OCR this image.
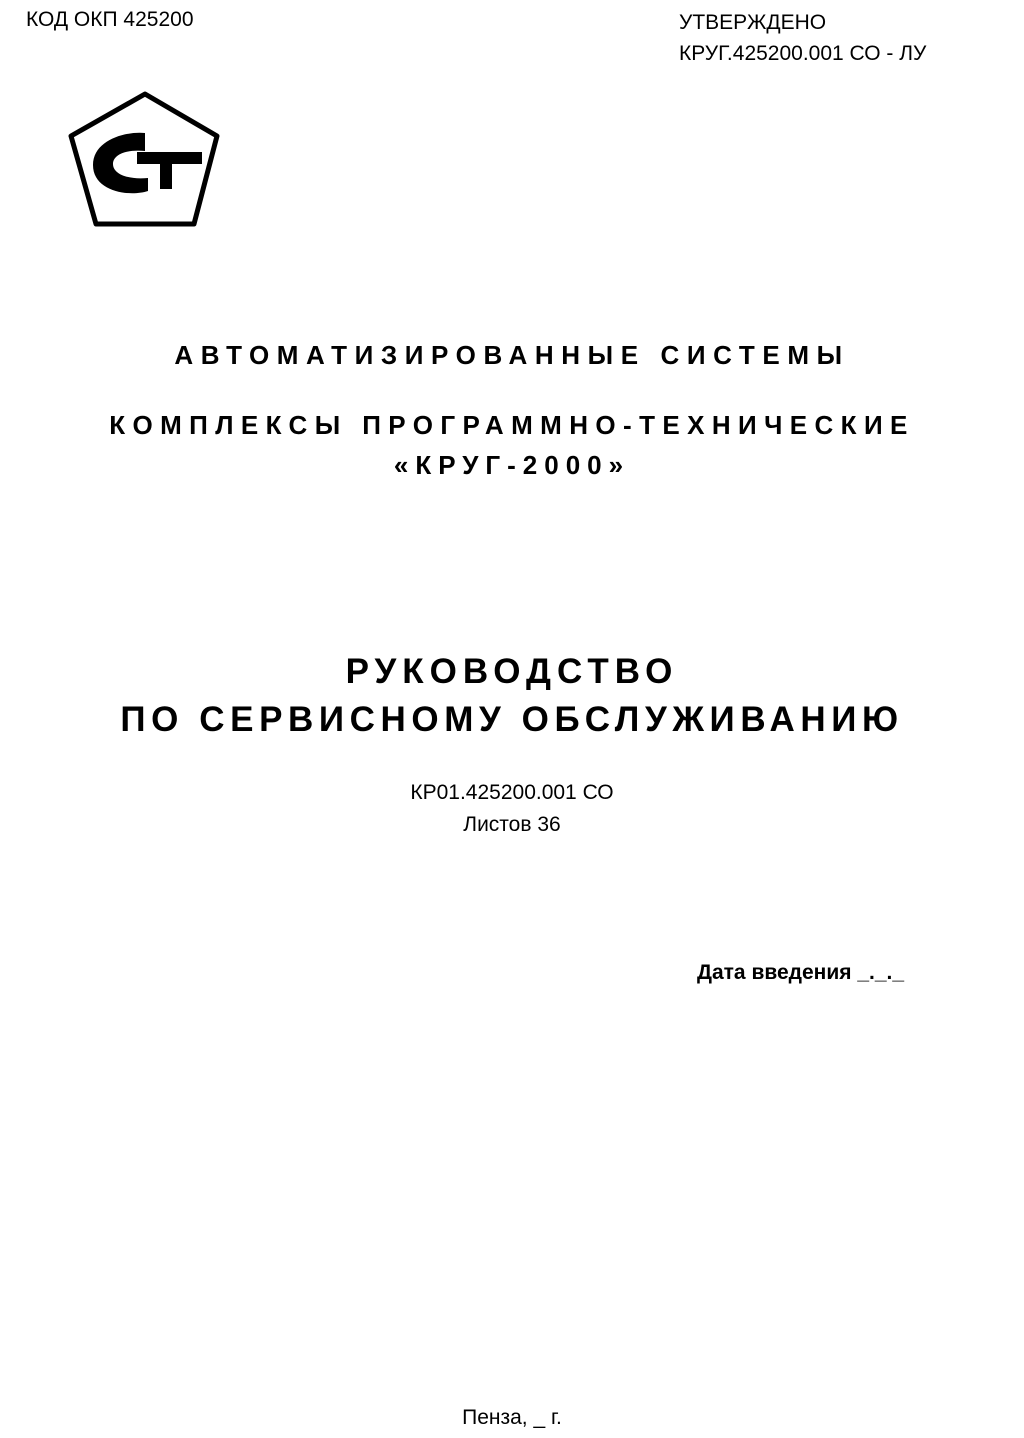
КОД ОКП 425200	УТВЕРЖДЕНО
КРУГ.425200.001 СО - ЛУ
АВТОМАТИЗИРОВАННЫЕ СИСТЕМЫ
КОМПЛЕКСЫ ПРОГРАММНО-ТЕХНИЧЕСКИЕ
«КРУГ-2000»
РУКОВОДСТВО
ПО СЕРВИСНОМУ ОБСЛУЖИВАНИЮ
КР01.425200.001 СО
Листов 36
Дата введения _._._
Пенза, _ г.
